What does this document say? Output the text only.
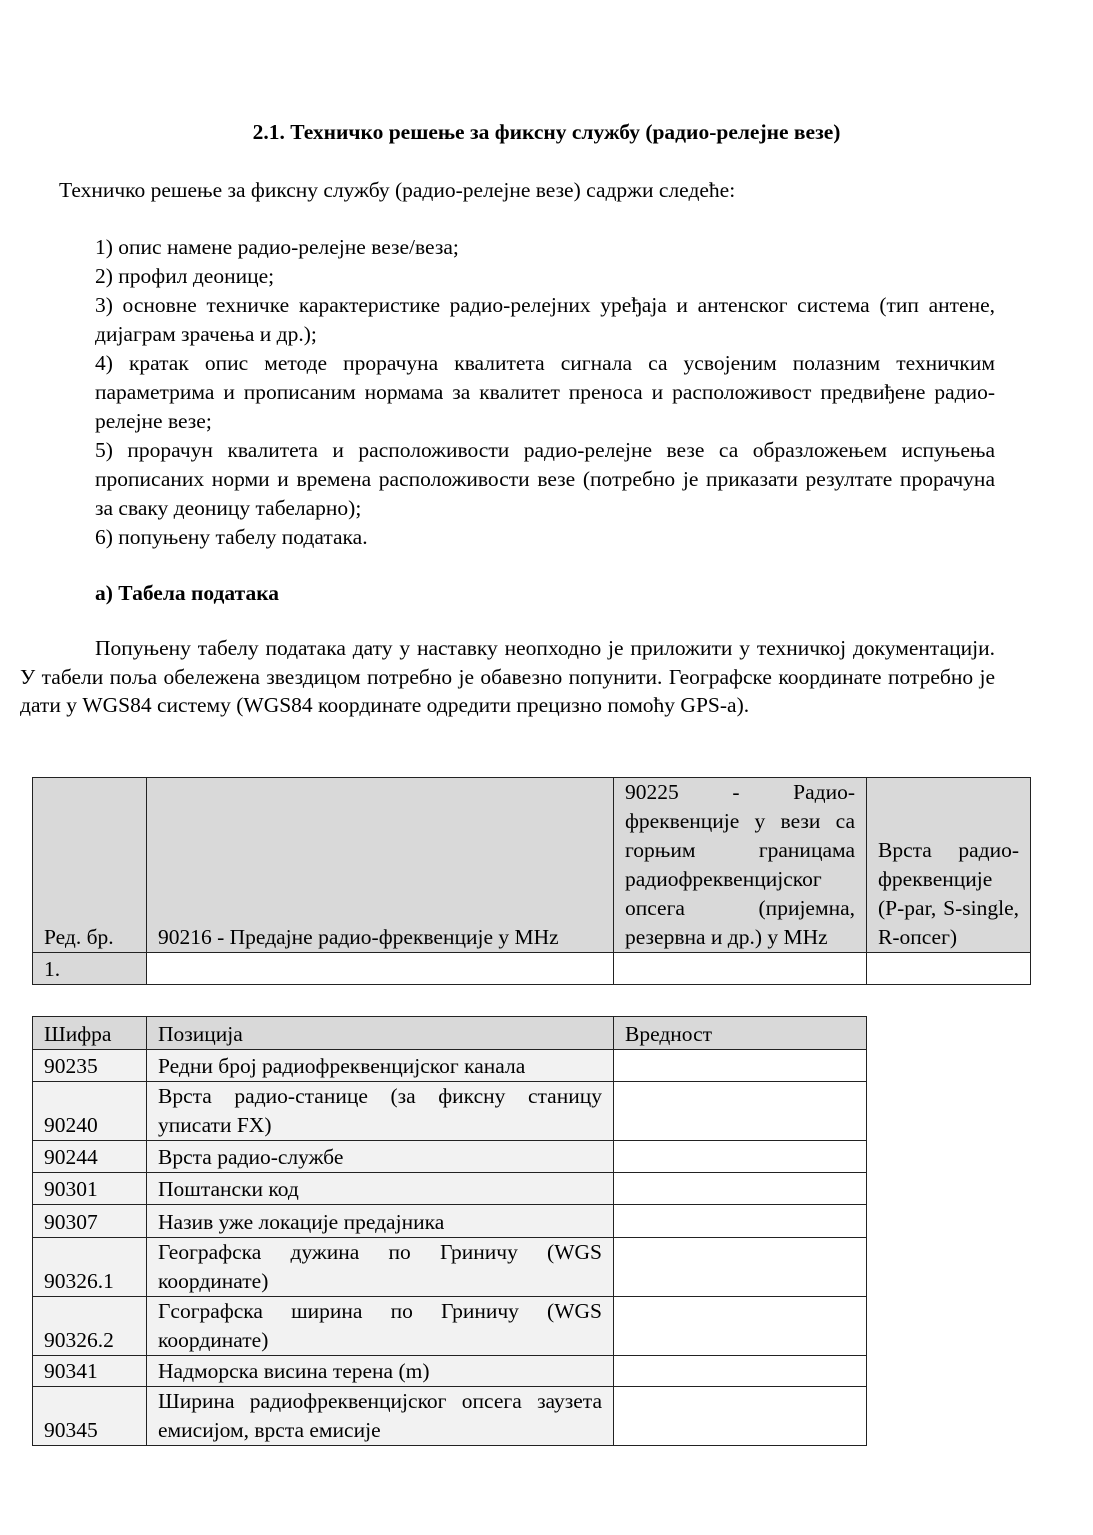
2.1. Техничко решење за фиксну службу (радио-релејне везе)
Техничко решење за фиксну службу (радио-релејне везе) садржи следеће:
1) опис намене радио-релејне везе/веза;
2) профил деонице;
3) основне техничке карактеристике радио-релејних уређаја и антенског система (тип антене, дијаграм зрачења и др.);
4) кратак опис методе прорачуна квалитета сигнала са усвојеним полазним техничким параметрима и прописаним нормама за квалитет преноса и расположивост предвиђене радио-релејне везе;
5) прорачун квалитета и расположивости радио-релејне везе са образложењем испуњења прописаних норми и времена расположивости везе (потребно је приказати резултате прорачуна за сваку деоницу табеларно);
6) попуњену табелу података.
а) Табела података
Попуњену табелу података дату у наставку неопходно је приложити у техничкој документацији. У табели поља обележена звездицом потребно је обавезно попунити. Географске координате потребно је дати у WGS84 систему (WGS84 координате одредити прецизно помоћу GPS-а).
Ред. бр.	90216 - Предајне радио-фреквенције у MHz	90225 - Радио-фреквенције у вези са горњим границама радиофреквенцијског опсега (пријемна, резервна и др.) у MHz	Врста радио-фреквенције (P-par, S-single, R-опсег)
1.			
Шифра	Позиција	Вредност
90235	Редни број радиофреквенцијског канала	
90240	Врста радио-станице (за фиксну станицу уписати FX)	
90244	Врста радио-службе	
90301	Поштански код	
90307	Назив уже локације предајника	
90326.1	Географска дужина по Гриничу (WGS координате)	
90326.2	Гсографска ширина по Гриничу (WGS координате)	
90341	Надморска висина терена (m)	
90345	Ширина радиофреквенцијског опсега заузета емисијом, врста емисије	
